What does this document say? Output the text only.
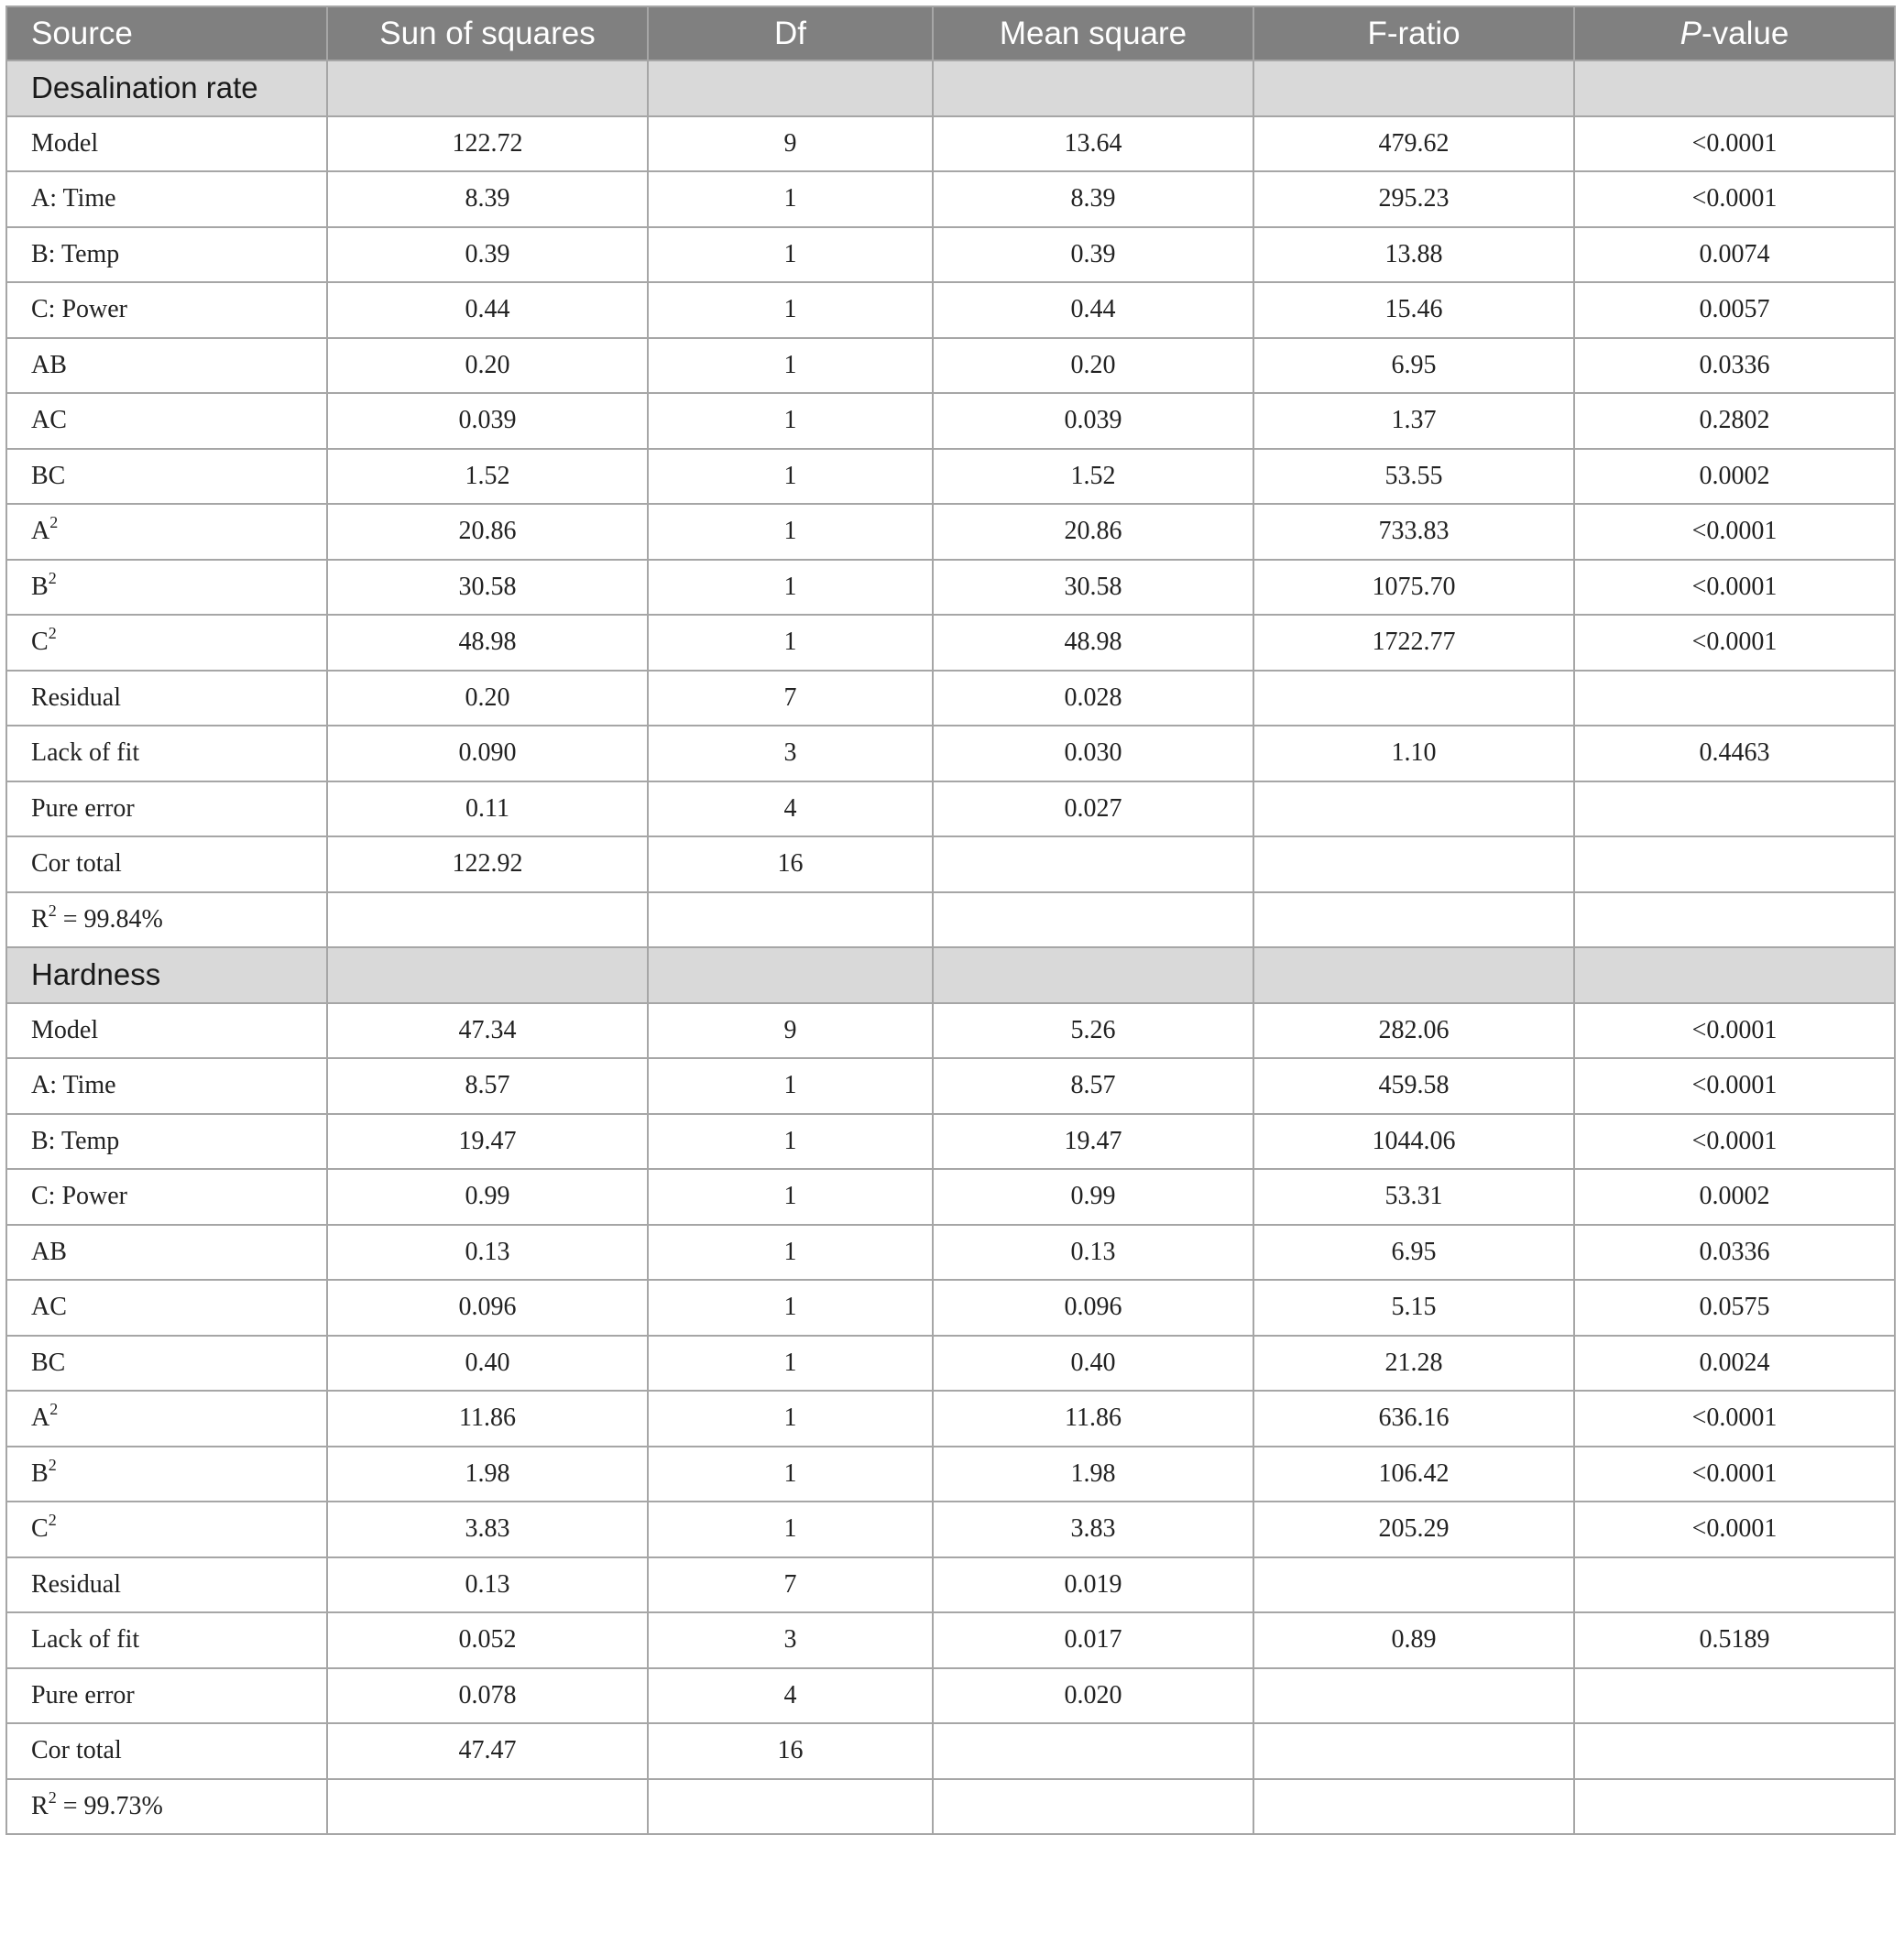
Source	Sun of squares	Df	Mean square	F-ratio	P-value
Desalination rate					
Model	122.72	9	13.64	479.62	<0.0001
A: Time	8.39	1	8.39	295.23	<0.0001
B: Temp	0.39	1	0.39	13.88	0.0074
C: Power	0.44	1	0.44	15.46	0.0057
AB	0.20	1	0.20	6.95	0.0336
AC	0.039	1	0.039	1.37	0.2802
BC	1.52	1	1.52	53.55	0.0002
$A^2$	20.86	1	20.86	733.83	<0.0001
$B^2$	30.58	1	30.58	1075.70	<0.0001
$C^2$	48.98	1	48.98	1722.77	<0.0001
Residual	0.20	7	0.028		
Lack of fit	0.090	3	0.030	1.10	0.4463
Pure error	0.11	4	0.027		
Cor total	122.92	16			
$R^2 = 99.84\%$					
Hardness					
Model	47.34	9	5.26	282.06	<0.0001
A: Time	8.57	1	8.57	459.58	<0.0001
B: Temp	19.47	1	19.47	1044.06	<0.0001
C: Power	0.99	1	0.99	53.31	0.0002
AB	0.13	1	0.13	6.95	0.0336
AC	0.096	1	0.096	5.15	0.0575
BC	0.40	1	0.40	21.28	0.0024
$A^2$	11.86	1	11.86	636.16	<0.0001
$B^2$	1.98	1	1.98	106.42	<0.0001
$C^2$	3.83	1	3.83	205.29	<0.0001
Residual	0.13	7	0.019		
Lack of fit	0.052	3	0.017	0.89	0.5189
Pure error	0.078	4	0.020		
Cor total	47.47	16			
$R^2 = 99.73\%$					
